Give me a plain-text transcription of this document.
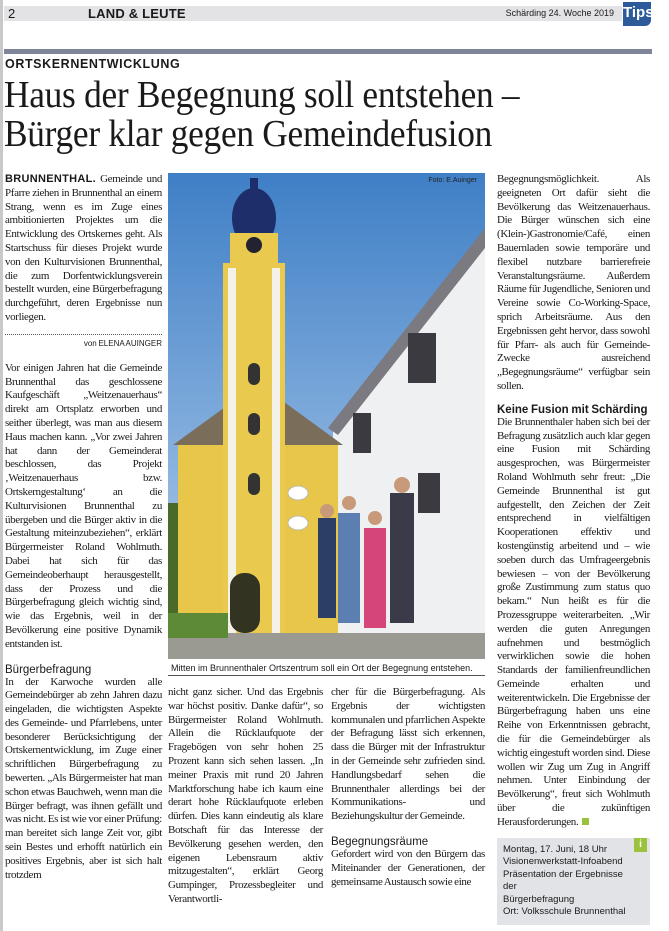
2	LAND & LEUTE	Schärding 24. Woche 2019 Tips
ORTSKERNENTWICKLUNG
Haus der Begegnung soll entstehen –
Bürger klar gegen Gemeindefusion

BRUNNENTHAL. Gemeinde und Pfarre ziehen in Brunnenthal an einem Strang, wenn es im Zuge eines ambitionierten Projektes um die Entwicklung des Ortskernes geht. Als Startschuss für dieses Projekt wurde von den Kulturvisionen Brunnenthal, die zum Dorfentwicklungsverein bestellt wurden, eine Bürgerbefragung durchgeführt, deren Ergebnisse nun vorliegen.

von ELENA AUINGER

Vor einigen Jahren hat die Gemeinde Brunnenthal das geschlossene Kaufgeschäft „Weitzenauerhaus“ direkt am Ortsplatz erworben und seither überlegt, was man aus diesem Haus machen kann. „Vor zwei Jahren hat dann der Gemeinderat beschlossen, das Projekt ‚Weitzenauerhaus bzw. Ortskerngestaltung‘ an die Kulturvisionen Brunnenthal zu übergeben und die Bürger aktiv in die Gestaltung miteinzubeziehen“, erklärt Bürgermeister Roland Wohlmuth. Dabei hat sich für das Gemeindeoberhaupt herausgestellt, dass der Prozess und die Bürgerbefragung gleich wichtig sind, wie das Ergebnis, weil in der Bevölkerung eine positive Dynamik entstanden ist.

Bürgerbefragung

In der Karwoche wurden alle Gemeindebürger ab zehn Jahren dazu eingeladen, die wichtigsten Aspekte des Gemeinde- und Pfarrlebens, unter besonderer Berücksichtigung der Ortskernentwicklung, im Zuge einer schriftlichen Bürgerbefragung zu bewerten. „Als Bürgermeister hat man schon etwas Bauchweh, wenn man die Bürger befragt, was ihnen gefällt und was nicht. Es ist wie vor einer Prüfung: man bereitet sich lange Zeit vor, gibt sein Bestes und erhofft natürlich ein positives Ergebnis, aber ist sich halt trotzdem

Foto: E.Auinger
Mitten im Brunnenthaler Ortszentrum soll ein Ort der Begegnung entstehen.

nicht ganz sicher. Und das Ergebnis war höchst positiv. Danke dafür“, so Bürgermeister Roland Wohlmuth. Allein die Rücklaufquote der Fragebögen von sehr hohen 25 Prozent kann sich sehen lassen. „In meiner Praxis mit rund 20 Jahren Marktforschung habe ich kaum eine derart hohe Rücklaufquote erleben dürfen. Dies kann eindeutig als klare Botschaft für das Interesse der Bevölkerung gesehen werden, den eigenen Lebensraum aktiv mitzugestalten“, erklärt Georg Gumpinger, Prozessbegleiter und Verantwortli-

cher für die Bürgerbefragung. Als Ergebnis der wichtigsten kommunalen und pfarrlichen Aspekte der Befragung lässt sich erkennen, dass die Bürger mit der Infrastruktur in der Gemeinde sehr zufrieden sind. Handlungsbedarf sehen die Brunnenthaler allerdings bei der Kommunikations- und Beziehungskultur der Gemeinde.

Begegnungsräume

Gefordert wird von den Bürgern das Miteinander der Generationen, der gemeinsame Austausch sowie eine

Begegnungsmöglichkeit. Als geeigneten Ort dafür sieht die Bevölkerung das Weitzenauerhaus. Die Bürger wünschen sich eine (Klein-)Gastronomie/Café, einen Bauernladen sowie temporäre und flexibel nutzbare barrierefreie Veranstaltungsräume. Außerdem Räume für Jugendliche, Senioren und Vereine sowie Co-Working-Space, sprich Arbeitsräume. Aus den Ergebnissen geht hervor, dass sowohl für Pfarr- als auch für Gemeinde-Zwecke ausreichend „Begegnungsräume“ verfügbar sein sollen.

Keine Fusion mit Schärding

Die Brunnenthaler haben sich bei der Befragung zusätzlich auch klar gegen eine Fusion mit Schärding ausgesprochen, was Bürgermeister Roland Wohlmuth sehr freut: „Die Gemeinde Brunnenthal ist gut aufgestellt, den Zeichen der Zeit entsprechend in vielfältigen Kooperationen effektiv und kostengünstig arbeitend und – wie soeben durch das Umfrageergebnis bewiesen – von der Bevölkerung große Zustimmung zum status quo bekam.“ Nun heißt es für die Prozessgruppe weiterarbeiten. „Wir werden die guten Anregungen aufnehmen und bestmöglich verwirklichen sowie die hohen Standards der familienfreundlichen Gemeinde erhalten und weiterentwickeln. Die Ergebnisse der Bürgerbefragung haben uns eine Reihe von Erkenntnissen gebracht, die für die Gemeindebürger als wichtig eingestuft worden sind. Diese wollen wir Zug um Zug in Angriff nehmen. Unter Einbindung der Bevölkerung“, freut sich Wohlmuth über die zukünftigen Herausforderungen.

i
Montag, 17. Juni, 18 Uhr
Visionenwerkstatt-Infoabend
Präsentation der Ergebnisse der
Bürgerbefragung
Ort: Volksschule Brunnenthal
